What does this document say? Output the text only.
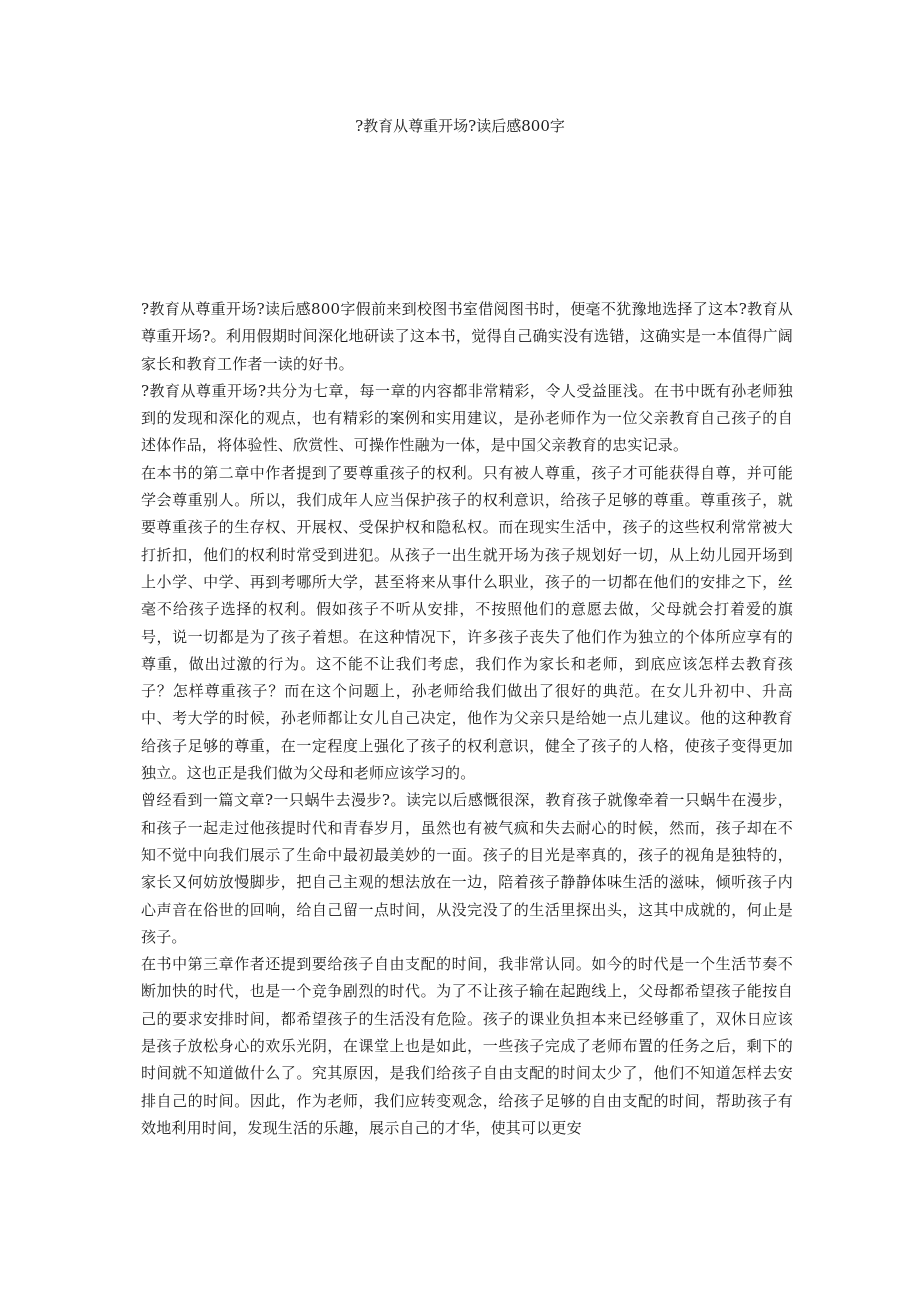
?教育从尊重开场?读后感800字

?教育从尊重开场?读后感800字假前来到校图书室借阅图书时，便毫不犹豫地选择了这本?教育从尊重开场?。利用假期时间深化地研读了这本书，觉得自己确实没有选错，这确实是一本值得广阔家长和教育工作者一读的好书。

?教育从尊重开场?共分为七章，每一章的内容都非常精彩，令人受益匪浅。在书中既有孙老师独到的发现和深化的观点，也有精彩的案例和实用建议，是孙老师作为一位父亲教育自己孩子的自述体作品，将体验性、欣赏性、可操作性融为一体，是中国父亲教育的忠实记录。

在本书的第二章中作者提到了要尊重孩子的权利。只有被人尊重，孩子才可能获得自尊，并可能学会尊重别人。所以，我们成年人应当保护孩子的权利意识，给孩子足够的尊重。尊重孩子，就要尊重孩子的生存权、开展权、受保护权和隐私权。而在现实生活中，孩子的这些权利常常被大打折扣，他们的权利时常受到进犯。从孩子一出生就开场为孩子规划好一切，从上幼儿园开场到上小学、中学、再到考哪所大学，甚至将来从事什么职业，孩子的一切都在他们的安排之下，丝毫不给孩子选择的权利。假如孩子不听从安排，不按照他们的意愿去做，父母就会打着爱的旗号，说一切都是为了孩子着想。在这种情况下，许多孩子丧失了他们作为独立的个体所应享有的尊重，做出过激的行为。这不能不让我们考虑，我们作为家长和老师，到底应该怎样去教育孩子？怎样尊重孩子？而在这个问题上，孙老师给我们做出了很好的典范。在女儿升初中、升高中、考大学的时候，孙老师都让女儿自己决定，他作为父亲只是给她一点儿建议。他的这种教育给孩子足够的尊重，在一定程度上强化了孩子的权利意识，健全了孩子的人格，使孩子变得更加独立。这也正是我们做为父母和老师应该学习的。

曾经看到一篇文章?一只蜗牛去漫步?。读完以后感慨很深，教育孩子就像牵着一只蜗牛在漫步，和孩子一起走过他孩提时代和青春岁月，虽然也有被气疯和失去耐心的时候，然而，孩子却在不知不觉中向我们展示了生命中最初最美妙的一面。孩子的目光是率真的，孩子的视角是独特的，家长又何妨放慢脚步，把自己主观的想法放在一边，陪着孩子静静体味生活的滋味，倾听孩子内心声音在俗世的回响，给自己留一点时间，从没完没了的生活里探出头，这其中成就的，何止是孩子。

在书中第三章作者还提到要给孩子自由支配的时间，我非常认同。如今的时代是一个生活节奏不断加快的时代，也是一个竞争剧烈的时代。为了不让孩子输在起跑线上，父母都希望孩子能按自己的要求安排时间，都希望孩子的生活没有危险。孩子的课业负担本来已经够重了，双休日应该是孩子放松身心的欢乐光阴，在课堂上也是如此，一些孩子完成了老师布置的任务之后，剩下的时间就不知道做什么了。究其原因，是我们给孩子自由支配的时间太少了，他们不知道怎样去安排自己的时间。因此，作为老师，我们应转变观念，给孩子足够的自由支配的时间，帮助孩子有效地利用时间，发现生活的乐趣，展示自己的才华，使其可以更安
